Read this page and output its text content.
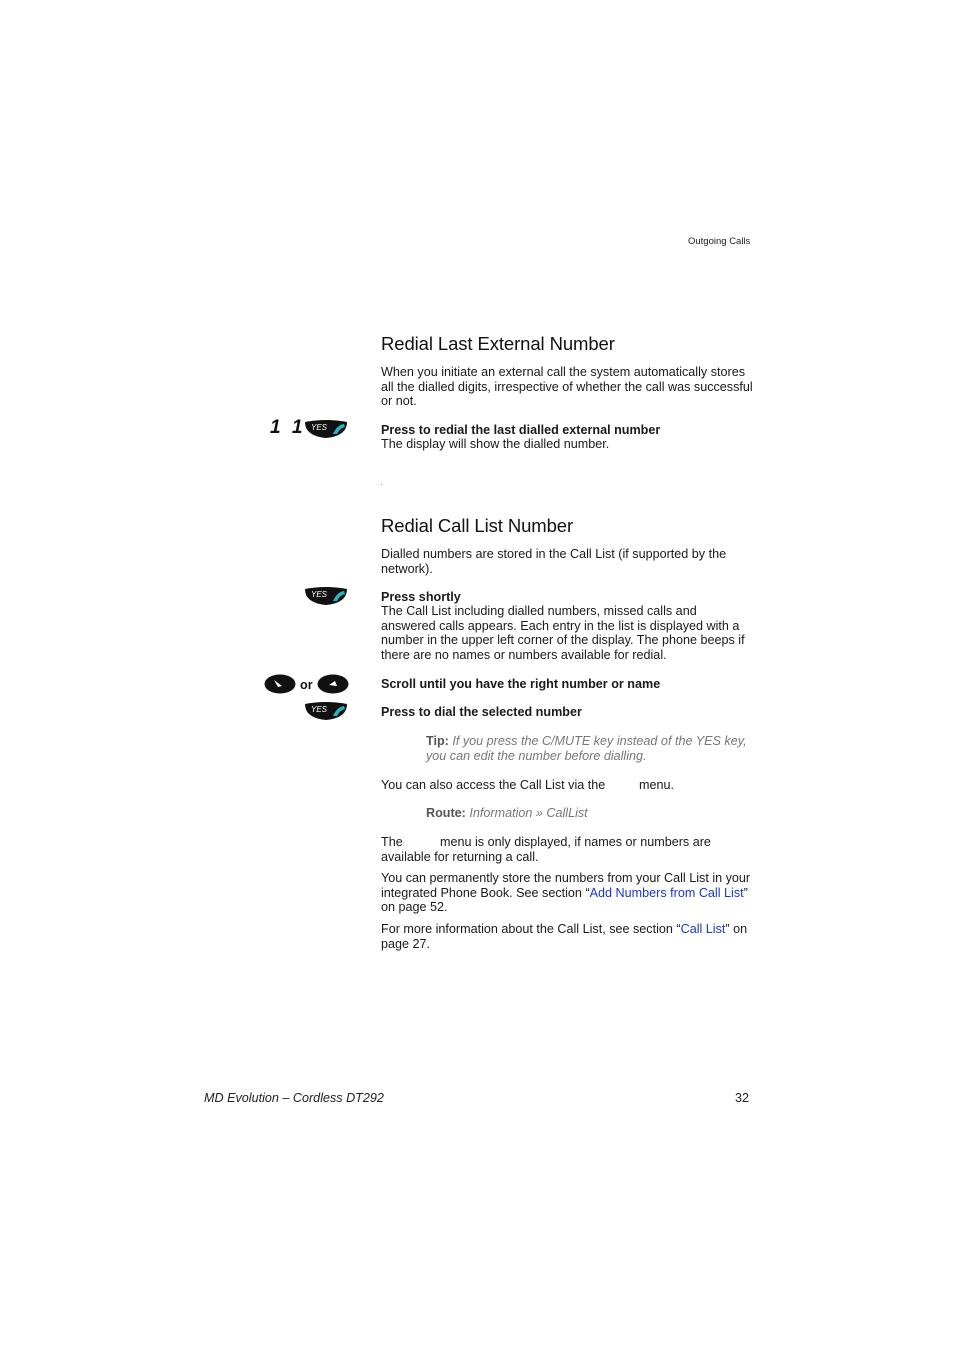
Outgoing Calls
Redial Last External Number
When you initiate an external call the system automatically stores all the dialled digits, irrespective of whether the call was successful or not.
1 1 YES	Press to redial the last dialled external number
The display will show the dialled number.
Redial Call List Number
Dialled numbers are stored in the Call List (if supported by the network).
YES	Press shortly
The Call List including dialled numbers, missed calls and answered calls appears. Each entry in the list is displayed with a number in the upper left corner of the display. The phone beeps if there are no names or numbers available for redial.
or	Scroll until you have the right number or name
YES	Press to dial the selected number
Tip: If you press the C/MUTE key instead of the YES key, you can edit the number before dialling.
You can also access the Call List via the	menu.
Route: Information » CallList
The	menu is only displayed, if names or numbers are
available for returning a call.
You can permanently store the numbers from your Call List in your integrated Phone Book. See section “Add Numbers from Call List” on page 52.
For more information about the Call List, see section “Call List” on page 27.
MD Evolution – Cordless DT292	32
